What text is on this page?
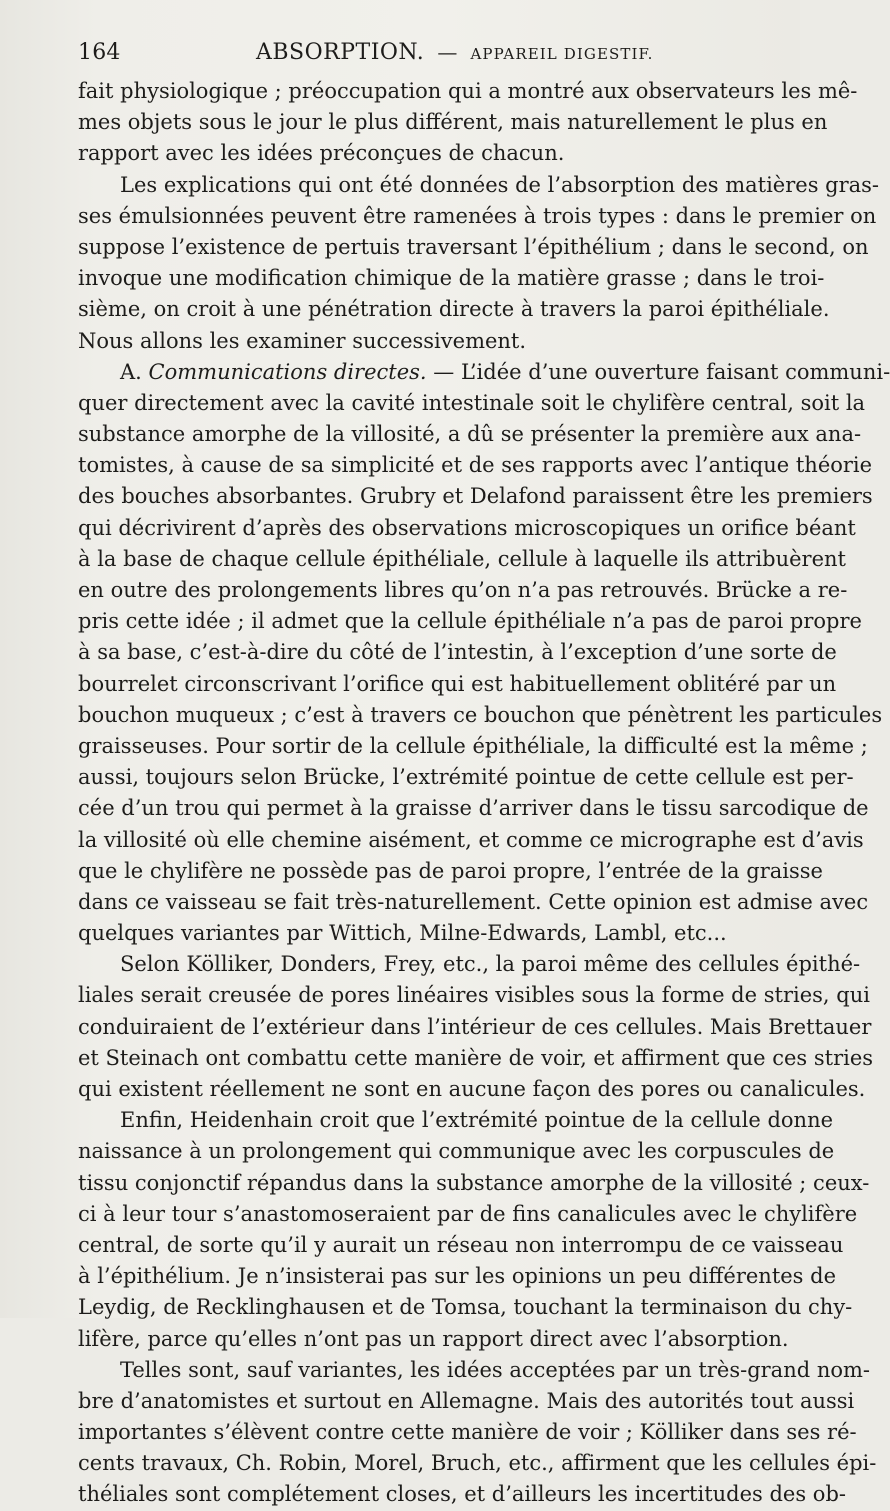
164	ABSORPTION. — APPAREIL DIGESTIF.
fait physiologique ; préoccupation qui a montré aux observateurs les mê-
mes objets sous le jour le plus différent, mais naturellement le plus en
rapport avec les idées préconçues de chacun.
Les explications qui ont été données de l’absorption des matières gras-
ses émulsionnées peuvent être ramenées à trois types : dans le premier on
suppose l’existence de pertuis traversant l’épithélium ; dans le second, on
invoque une modification chimique de la matière grasse ; dans le troi-
sième, on croit à une pénétration directe à travers la paroi épithéliale.
Nous allons les examiner successivement.
A. Communications directes. — L’idée d’une ouverture faisant communi-
quer directement avec la cavité intestinale soit le chylifère central, soit la
substance amorphe de la villosité, a dû se présenter la première aux ana-
tomistes, à cause de sa simplicité et de ses rapports avec l’antique théorie
des bouches absorbantes. Grubry et Delafond paraissent être les premiers
qui décrivirent d’après des observations microscopiques un orifice béant
à la base de chaque cellule épithéliale, cellule à laquelle ils attribuèrent
en outre des prolongements libres qu’on n’a pas retrouvés. Brücke a re-
pris cette idée ; il admet que la cellule épithéliale n’a pas de paroi propre
à sa base, c’est-à-dire du côté de l’intestin, à l’exception d’une sorte de
bourrelet circonscrivant l’orifice qui est habituellement oblitéré par un
bouchon muqueux ; c’est à travers ce bouchon que pénètrent les particules
graisseuses. Pour sortir de la cellule épithéliale, la difficulté est la même ;
aussi, toujours selon Brücke, l’extrémité pointue de cette cellule est per-
cée d’un trou qui permet à la graisse d’arriver dans le tissu sarcodique de
la villosité où elle chemine aisément, et comme ce micrographe est d’avis
que le chylifère ne possède pas de paroi propre, l’entrée de la graisse
dans ce vaisseau se fait très-naturellement. Cette opinion est admise avec
quelques variantes par Wittich, Milne-Edwards, Lambl, etc...
Selon Kölliker, Donders, Frey, etc., la paroi même des cellules épithé-
liales serait creusée de pores linéaires visibles sous la forme de stries, qui
conduiraient de l’extérieur dans l’intérieur de ces cellules. Mais Brettauer
et Steinach ont combattu cette manière de voir, et affirment que ces stries
qui existent réellement ne sont en aucune façon des pores ou canalicules.
Enfin, Heidenhain croit que l’extrémité pointue de la cellule donne
naissance à un prolongement qui communique avec les corpuscules de
tissu conjonctif répandus dans la substance amorphe de la villosité ; ceux-
ci à leur tour s’anastomoseraient par de fins canalicules avec le chylifère
central, de sorte qu’il y aurait un réseau non interrompu de ce vaisseau
à l’épithélium. Je n’insisterai pas sur les opinions un peu différentes de
Leydig, de Recklinghausen et de Tomsa, touchant la terminaison du chy-
lifère, parce qu’elles n’ont pas un rapport direct avec l’absorption.
Telles sont, sauf variantes, les idées acceptées par un très-grand nom-
bre d’anatomistes et surtout en Allemagne. Mais des autorités tout aussi
importantes s’élèvent contre cette manière de voir ; Kölliker dans ses ré-
cents travaux, Ch. Robin, Morel, Bruch, etc., affirment que les cellules épi-
théliales sont complétement closes, et d’ailleurs les incertitudes des ob-
